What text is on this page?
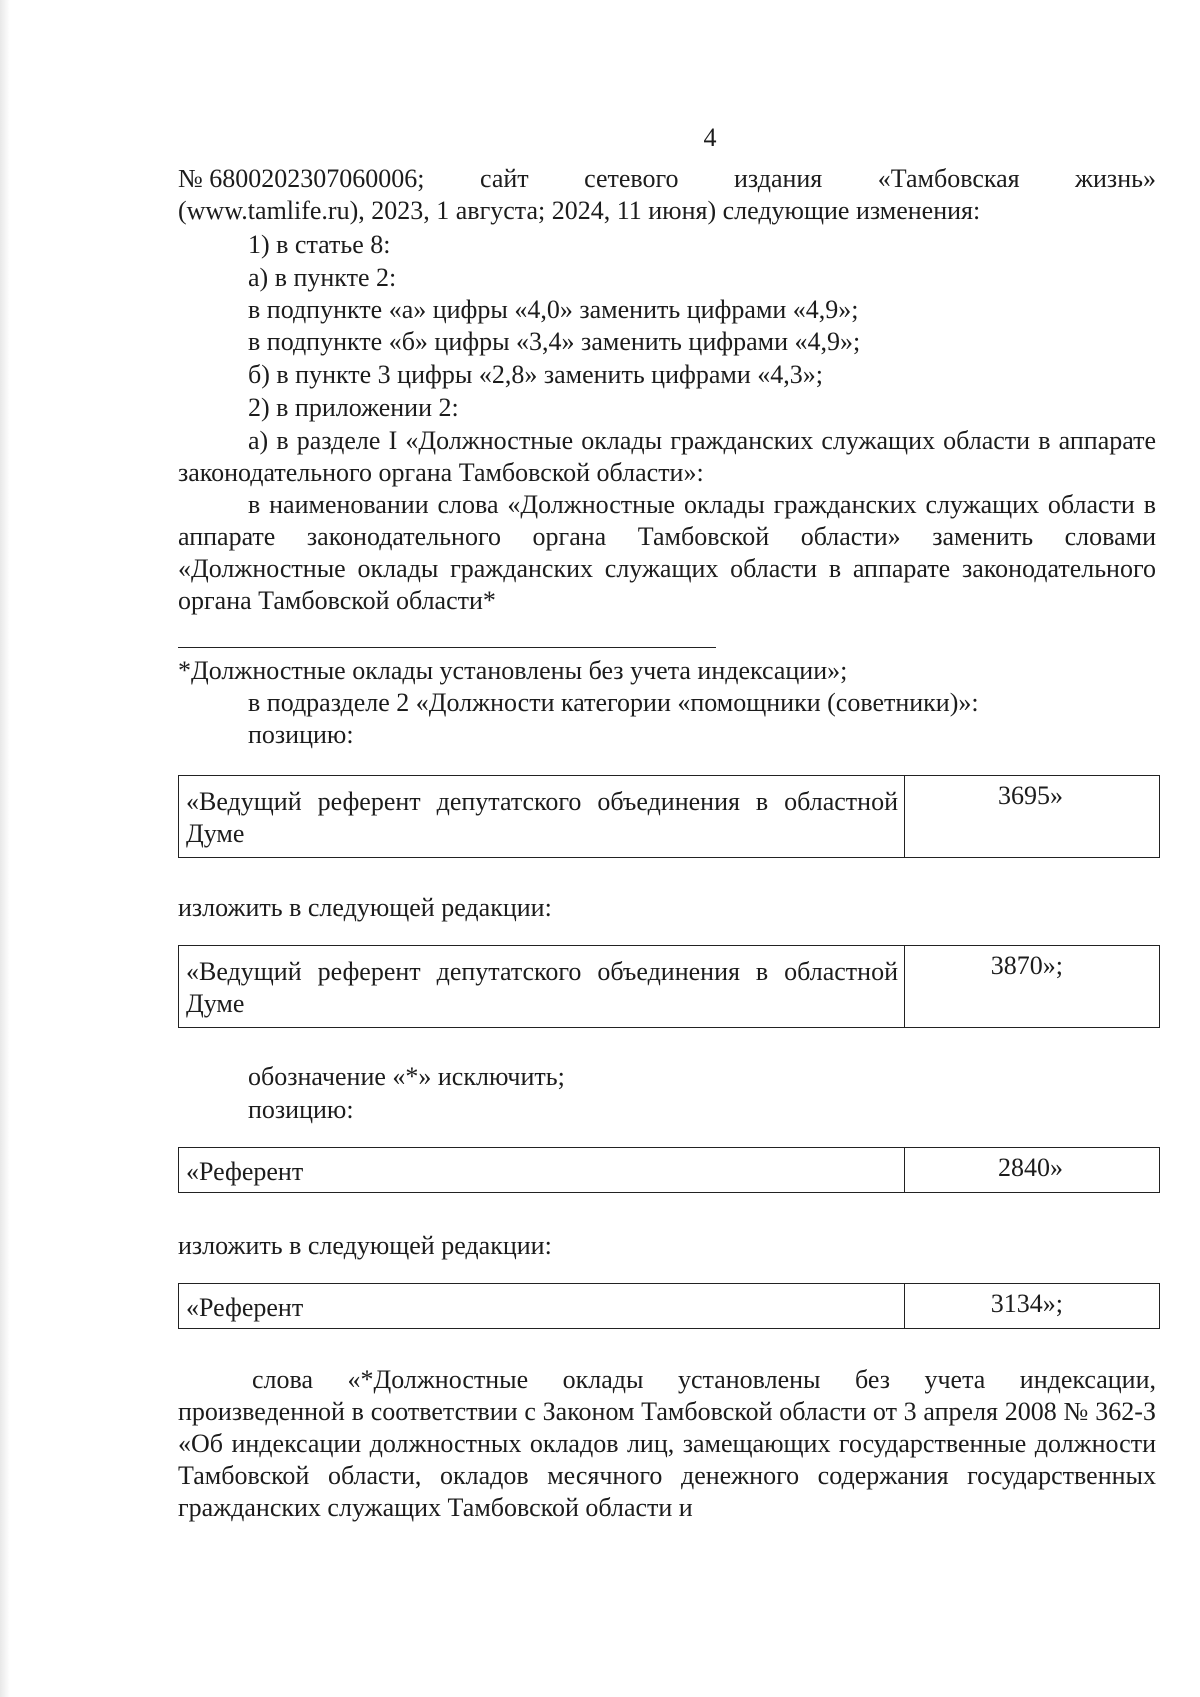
4
№ 6800202307060006; сайт сетевого издания «Тамбовская жизнь»

(www.tamlife.ru), 2023, 1 августа; 2024, 11 июня) следующие изменения:

1) в статье 8:

а) в пункте 2:

в подпункте «а» цифры «4,0» заменить цифрами «4,9»;

в подпункте «б» цифры «3,4» заменить цифрами «4,9»;

б) в пункте 3 цифры «2,8» заменить цифрами «4,3»;

2) в приложении 2:

а) в разделе I «Должностные оклады гражданских служащих области в аппарате законодательного органа Тамбовской области»:

в наименовании слова «Должностные оклады гражданских служащих области в аппарате законодательного органа Тамбовской области» заменить словами «Должностные оклады гражданских служащих области в аппарате законодательного органа Тамбовской области*

*Должностные оклады установлены без учета индексации»;

в подразделе 2 «Должности категории «помощники (советники)»:

позицию:

«Ведущий референт депутатского объединения в областной Думе
3695»

изложить в следующей редакции:

«Ведущий референт депутатского объединения в областной Думе
3870»;

обозначение «*» исключить;

позицию:

«Референт	2840»

изложить в следующей редакции:

«Референт	3134»;

слова «*Должностные оклады установлены без учета индексации, произведенной в соответствии с Законом Тамбовской области от 3 апреля 2008 № 362-З «Об индексации должностных окладов лиц, замещающих государственные должности Тамбовской области, окладов месячного денежного содержания государственных гражданских служащих Тамбовской области и
